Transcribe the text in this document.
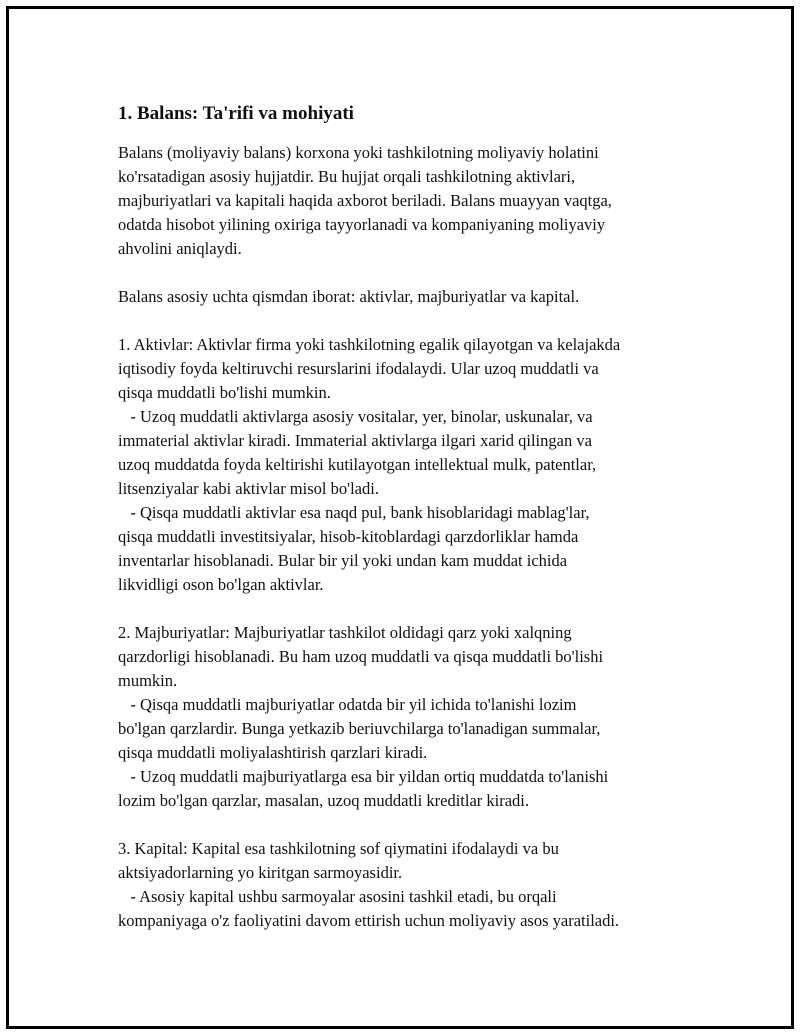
1. Balans: Ta'rifi va mohiyati
Balans (moliyaviy balans) korxona yoki tashkilotning moliyaviy holatini
ko'rsatadigan asosiy hujjatdir. Bu hujjat orqali tashkilotning aktivlari,
majburiyatlari va kapitali haqida axborot beriladi. Balans muayyan vaqtga,
odatda hisobot yilining oxiriga tayyorlanadi va kompaniyaning moliyaviy
ahvolini aniqlaydi.
Balans asosiy uchta qismdan iborat: aktivlar, majburiyatlar va kapital.
1. Aktivlar: Aktivlar firma yoki tashkilotning egalik qilayotgan va kelajakda
iqtisodiy foyda keltiruvchi resurslarini ifodalaydi. Ular uzoq muddatli va
qisqa muddatli bo'lishi mumkin.
- Uzoq muddatli aktivlarga asosiy vositalar, yer, binolar, uskunalar, va
immaterial aktivlar kiradi. Immaterial aktivlarga ilgari xarid qilingan va
uzoq muddatda foyda keltirishi kutilayotgan intellektual mulk, patentlar,
litsenziyalar kabi aktivlar misol bo'ladi.
- Qisqa muddatli aktivlar esa naqd pul, bank hisoblaridagi mablag'lar,
qisqa muddatli investitsiyalar, hisob-kitoblardagi qarzdorliklar hamda
inventarlar hisoblanadi. Bular bir yil yoki undan kam muddat ichida
likvidligi oson bo'lgan aktivlar.
2. Majburiyatlar: Majburiyatlar tashkilot oldidagi qarz yoki xalqning
qarzdorligi hisoblanadi. Bu ham uzoq muddatli va qisqa muddatli bo'lishi
mumkin.
- Qisqa muddatli majburiyatlar odatda bir yil ichida to'lanishi lozim
bo'lgan qarzlardir. Bunga yetkazib beriuvchilarga to'lanadigan summalar,
qisqa muddatli moliyalashtirish qarzlari kiradi.
- Uzoq muddatli majburiyatlarga esa bir yildan ortiq muddatda to'lanishi
lozim bo'lgan qarzlar, masalan, uzoq muddatli kreditlar kiradi.
3. Kapital: Kapital esa tashkilotning sof qiymatini ifodalaydi va bu
aktsiyadorlarning yo kiritgan sarmoyasidir.
- Asosiy kapital ushbu sarmoyalar asosini tashkil etadi, bu orqali
kompaniyaga o'z faoliyatini davom ettirish uchun moliyaviy asos yaratiladi.
